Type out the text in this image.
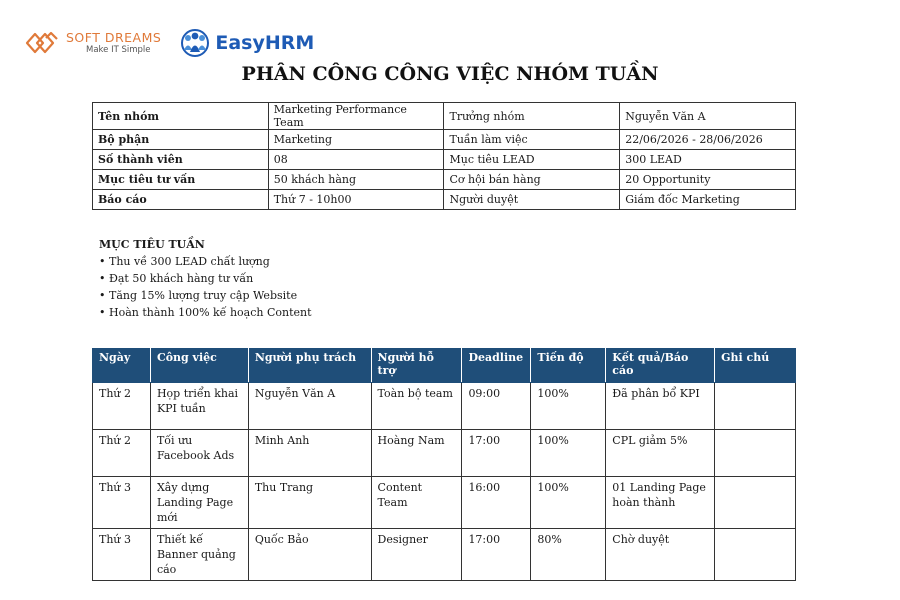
SOFT DREAMS
Make IT Simple	EasyHRM
PHÂN CÔNG CÔNG VIỆC NHÓM TUẦN
Tên nhóm	Marketing Performance Team	Trưởng nhóm	Nguyễn Văn A
Bộ phận	Marketing	Tuần làm việc	22/06/2026 - 28/06/2026
Số thành viên	08	Mục tiêu LEAD	300 LEAD
Mục tiêu tư vấn	50 khách hàng	Cơ hội bán hàng	20 Opportunity
Báo cáo	Thứ 7 - 10h00	Người duyệt	Giám đốc Marketing
MỤC TIÊU TUẦN
• Thu về 300 LEAD chất lượng
• Đạt 50 khách hàng tư vấn
• Tăng 15% lượng truy cập Website
• Hoàn thành 100% kế hoạch Content
Ngày	Công việc	Người phụ trách	Người hỗ trợ	Deadline	Tiến độ	Kết quả/Báo cáo	Ghi chú
Thứ 2	Họp triển khai KPI tuần	Nguyễn Văn A	Toàn bộ team	09:00	100%	Đã phân bổ KPI	
Thứ 2	Tối ưu Facebook Ads	Minh Anh	Hoàng Nam	17:00	100%	CPL giảm 5%	
Thứ 3	Xây dựng Landing Page mới	Thu Trang	Content Team	16:00	100%	01 Landing Page hoàn thành	
Thứ 3	Thiết kế Banner quảng cáo	Quốc Bảo	Designer	17:00	80%	Chờ duyệt	
